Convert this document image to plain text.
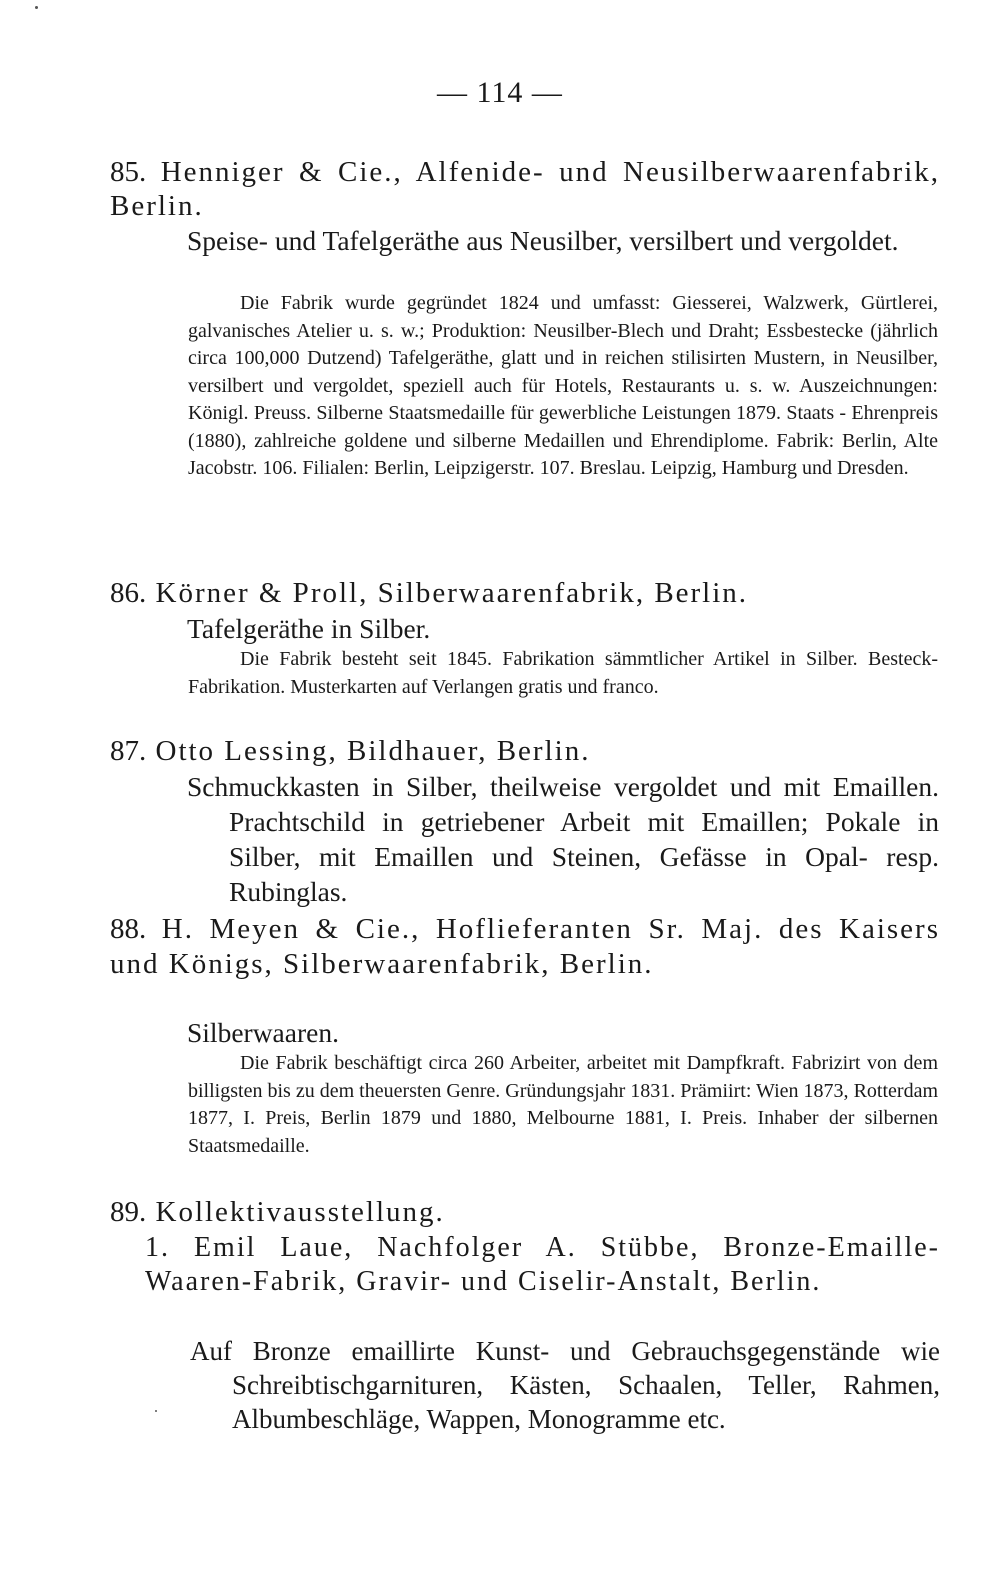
— 114 —
85. Henniger & Cie., Alfenide- und Neusilberwaarenfabrik, Berlin.
Speise- und Tafelgeräthe aus Neusilber, versilbert und vergoldet.
Die Fabrik wurde gegründet 1824 und umfasst: Giesserei, Walzwerk, Gürtlerei, galvanisches Atelier u. s. w.; Produktion: Neusilber-Blech und Draht; Essbestecke (jährlich circa 100,000 Dutzend) Tafelgeräthe, glatt und in reichen stilisirten Mustern, in Neusilber, versilbert und vergoldet, speziell auch für Hotels, Restaurants u. s. w. Auszeichnungen: Königl. Preuss. Silberne Staatsmedaille für gewerbliche Leistungen 1879. Staats - Ehrenpreis (1880), zahlreiche goldene und silberne Medaillen und Ehrendiplome. Fabrik: Berlin, Alte Jacobstr. 106. Filialen: Berlin, Leipzigerstr. 107. Breslau. Leipzig, Hamburg und Dresden.
86. Körner & Proll, Silberwaarenfabrik, Berlin.
Tafelgeräthe in Silber.
Die Fabrik besteht seit 1845. Fabrikation sämmtlicher Artikel in Silber. Besteck-Fabrikation. Musterkarten auf Verlangen gratis und franco.
87. Otto Lessing, Bildhauer, Berlin.
Schmuckkasten in Silber, theilweise vergoldet und mit Emaillen. Prachtschild in getriebener Arbeit mit Emaillen; Pokale in Silber, mit Emaillen und Steinen, Gefässe in Opal- resp. Rubinglas.
88. H. Meyen & Cie., Hoflieferanten Sr. Maj. des Kaisers und Königs, Silberwaarenfabrik, Berlin.
Silberwaaren.
Die Fabrik beschäftigt circa 260 Arbeiter, arbeitet mit Dampfkraft. Fabrizirt von dem billigsten bis zu dem theuersten Genre. Gründungsjahr 1831. Prämiirt: Wien 1873, Rotterdam 1877, I. Preis, Berlin 1879 und 1880, Melbourne 1881, I. Preis. Inhaber der silbernen Staatsmedaille.
89. Kollektivausstellung.
1. Emil Laue, Nachfolger A. Stübbe, Bronze-Emaille-Waaren-Fabrik, Gravir- und Ciselir-Anstalt, Berlin.
Auf Bronze emaillirte Kunst- und Gebrauchsgegenstände wie Schreibtischgarnituren, Kästen, Schaalen, Teller, Rahmen, Albumbeschläge, Wappen, Monogramme etc.
